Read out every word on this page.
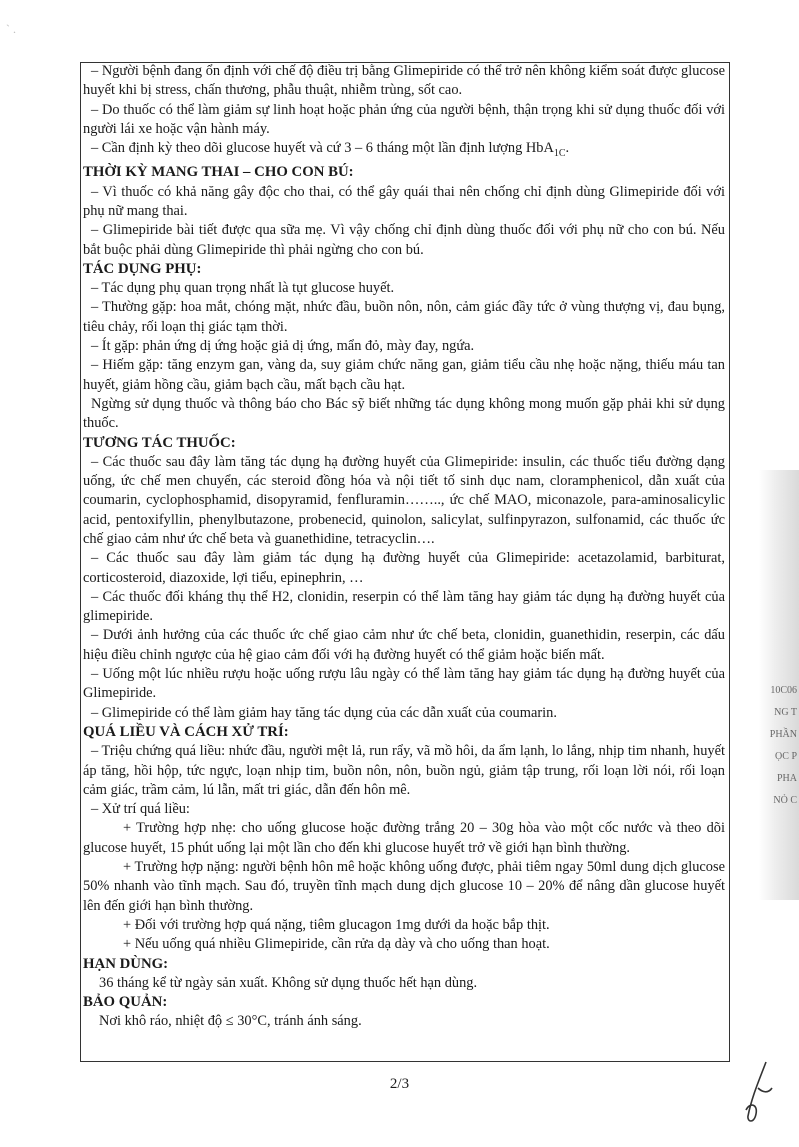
` .
10C06
NG T
PHẦN
ỌC P
PHA
NỎ C

– Người bệnh đang ổn định với chế độ điều trị bằng Glimepiride có thể trở nên không kiểm soát được glucose huyết khi bị stress, chấn thương, phẫu thuật, nhiễm trùng, sốt cao.

– Do thuốc có thể làm giảm sự linh hoạt hoặc phản ứng của người bệnh, thận trọng khi sử dụng thuốc đối với người lái xe hoặc vận hành máy.

– Cần định kỳ theo dõi glucose huyết và cứ 3 – 6 tháng một lần định lượng HbA$_{1C}$.

THỜI KỲ MANG THAI – CHO CON BÚ:

– Vì thuốc có khả năng gây độc cho thai, có thể gây quái thai nên chống chỉ định dùng Glimepiride đối với phụ nữ mang thai.

– Glimepiride bài tiết được qua sữa mẹ. Vì vậy chống chỉ định dùng thuốc đối với phụ nữ cho con bú. Nếu bắt buộc phải dùng Glimepiride thì phải ngừng cho con bú.

TÁC DỤNG PHỤ:

– Tác dụng phụ quan trọng nhất là tụt glucose huyết.

– Thường gặp: hoa mắt, chóng mặt, nhức đầu, buồn nôn, nôn, cảm giác đầy tức ở vùng thượng vị, đau bụng, tiêu chảy, rối loạn thị giác tạm thời.

– Ít gặp: phản ứng dị ứng hoặc giả dị ứng, mẩn đỏ, mày đay, ngứa.

– Hiếm gặp: tăng enzym gan, vàng da, suy giảm chức năng gan, giảm tiểu cầu nhẹ hoặc nặng, thiếu máu tan huyết, giảm hồng cầu, giảm bạch cầu, mất bạch cầu hạt.

Ngừng sử dụng thuốc và thông báo cho Bác sỹ biết những tác dụng không mong muốn gặp phải khi sử dụng thuốc.

TƯƠNG TÁC THUỐC:

– Các thuốc sau đây làm tăng tác dụng hạ đường huyết của Glimepiride: insulin, các thuốc tiểu đường dạng uống, ức chế men chuyển, các steroid đồng hóa và nội tiết tố sinh dục nam, cloramphenicol, dẫn xuất của coumarin, cyclophosphamid, disopyramid, fenfluramin…….., ức chế MAO, miconazole, para-aminosalicylic acid, pentoxifyllin, phenylbutazone, probenecid, quinolon, salicylat, sulfinpyrazon, sulfonamid, các thuốc ức chế giao cảm như ức chế beta và guanethidine, tetracyclin….

– Các thuốc sau đây làm giảm tác dụng hạ đường huyết của Glimepiride: acetazolamid, barbiturat, corticosteroid, diazoxide, lợi tiểu, epinephrin, …

– Các thuốc đối kháng thụ thể H2, clonidin, reserpin có thể làm tăng hay giảm tác dụng hạ đường huyết của glimepiride.

– Dưới ảnh hưởng của các thuốc ức chế giao cảm như ức chế beta, clonidin, guanethidin, reserpin, các dấu hiệu điều chỉnh ngược của hệ giao cảm đối với hạ đường huyết có thể giảm hoặc biến mất.

– Uống một lúc nhiều rượu hoặc uống rượu lâu ngày có thể làm tăng hay giảm tác dụng hạ đường huyết của Glimepiride.

– Glimepiride có thể làm giảm hay tăng tác dụng của các dẫn xuất của coumarin.

QUÁ LIỀU VÀ CÁCH XỬ TRÍ:

– Triệu chứng quá liều: nhức đầu, người mệt lả, run rẩy, vã mồ hôi, da ẩm lạnh, lo lắng, nhịp tim nhanh, huyết áp tăng, hồi hộp, tức ngực, loạn nhịp tim, buồn nôn, nôn, buồn ngủ, giảm tập trung, rối loạn lời nói, rối loạn cảm giác, trầm cảm, lú lẫn, mất tri giác, dẫn đến hôn mê.

– Xử trí quá liều:

+ Trường hợp nhẹ: cho uống glucose hoặc đường trắng 20 – 30g hòa vào một cốc nước và theo dõi glucose huyết, 15 phút uống lại một lần cho đến khi glucose huyết trở về giới hạn bình thường.

+ Trường hợp nặng: người bệnh hôn mê hoặc không uống được, phải tiêm ngay 50ml dung dịch glucose 50% nhanh vào tĩnh mạch. Sau đó, truyền tĩnh mạch dung dịch glucose 10 – 20% để nâng dần glucose huyết lên đến giới hạn bình thường.

+ Đối với trường hợp quá nặng, tiêm glucagon 1mg dưới da hoặc bắp thịt.

+ Nếu uống quá nhiều Glimepiride, cần rửa dạ dày và cho uống than hoạt.

HẠN DÙNG:

36 tháng kể từ ngày sản xuất. Không sử dụng thuốc hết hạn dùng.

BẢO QUẢN:

Nơi khô ráo, nhiệt độ ≤ 30°C, tránh ánh sáng.

2/3
